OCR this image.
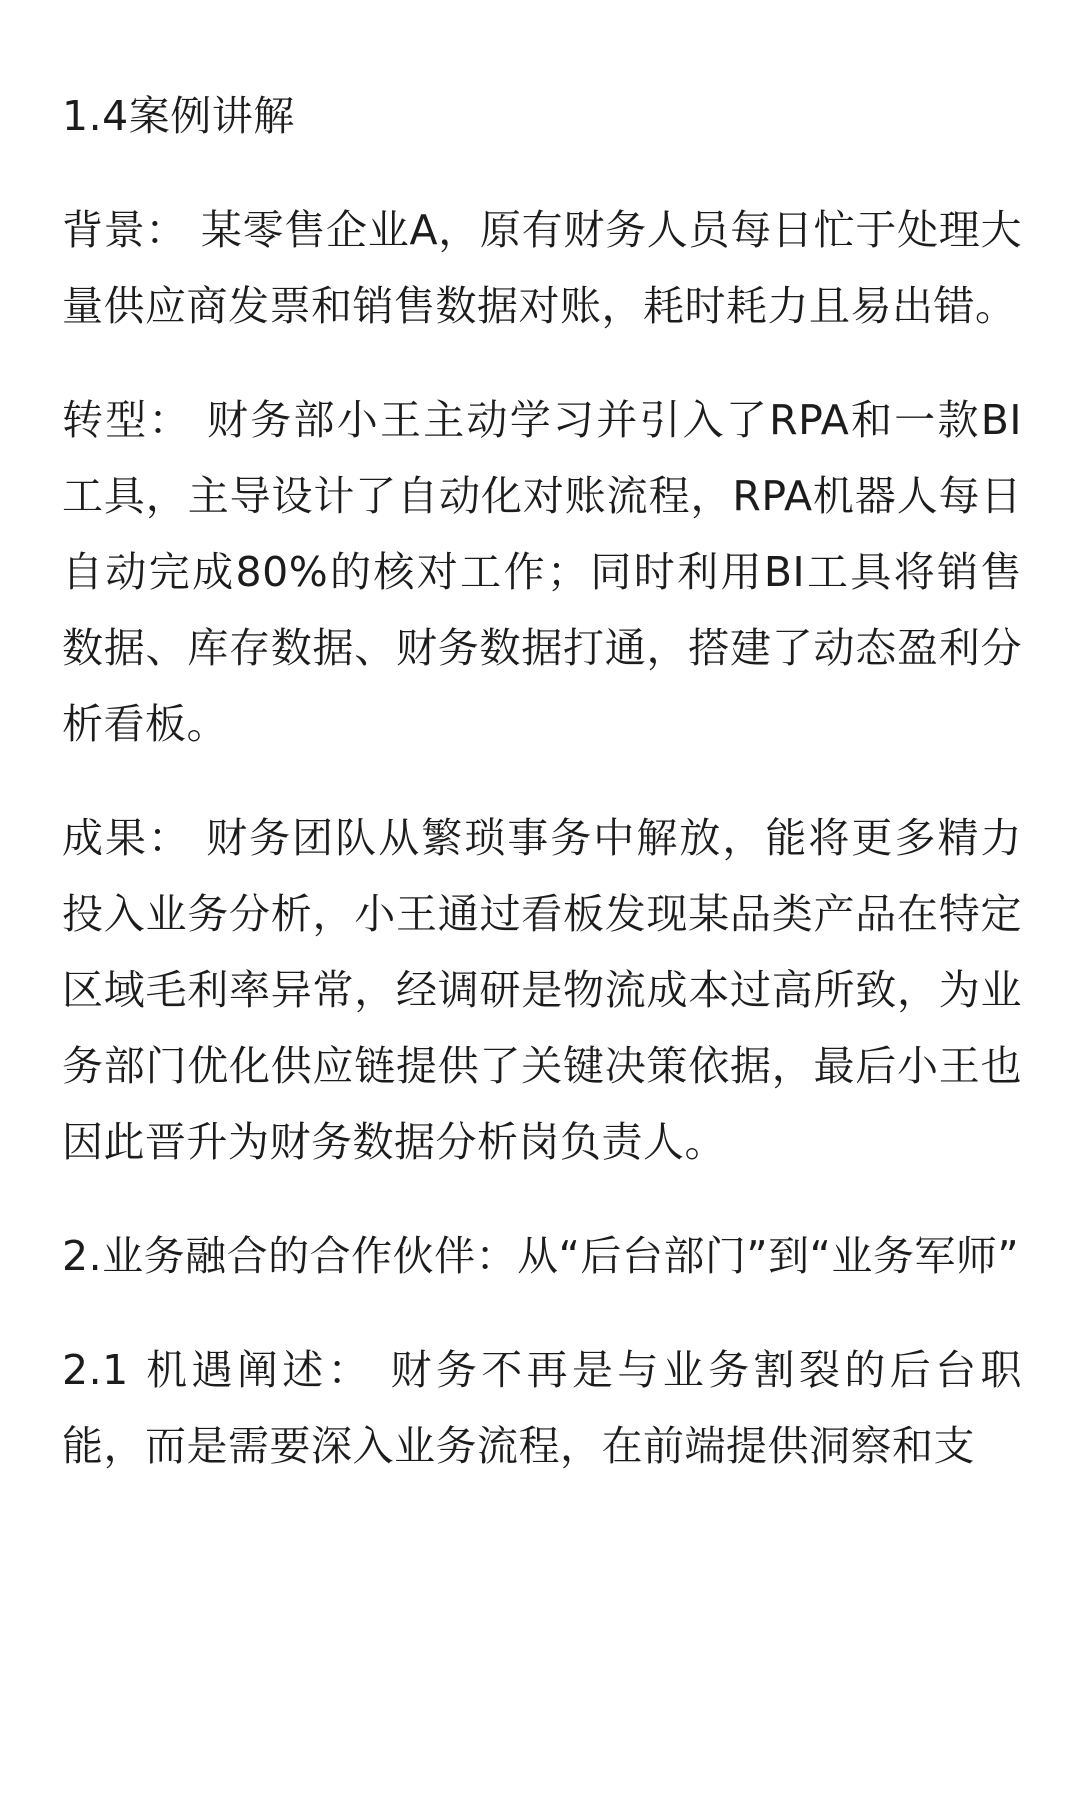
1.4案例讲解

背景： 某零售企业A，原有财务人员每日忙于处理大量供应商发票和销售数据对账，耗时耗力且易出错。

转型： 财务部小王主动学习并引入了RPA和一款BI工具，主导设计了自动化对账流程，RPA机器人每日自动完成80%的核对工作；同时利用BI工具将销售数据、库存数据、财务数据打通，搭建了动态盈利分析看板。

成果： 财务团队从繁琐事务中解放，能将更多精力投入业务分析，小王通过看板发现某品类产品在特定区域毛利率异常，经调研是物流成本过高所致，为业务部门优化供应链提供了关键决策依据，最后小王也因此晋升为财务数据分析岗负责人。

2.业务融合的合作伙伴：从“后台部门”到“业务军师”

2.1 机遇阐述： 财务不再是与业务割裂的后台职能，而是需要深入业务流程，在前端提供洞察和支
